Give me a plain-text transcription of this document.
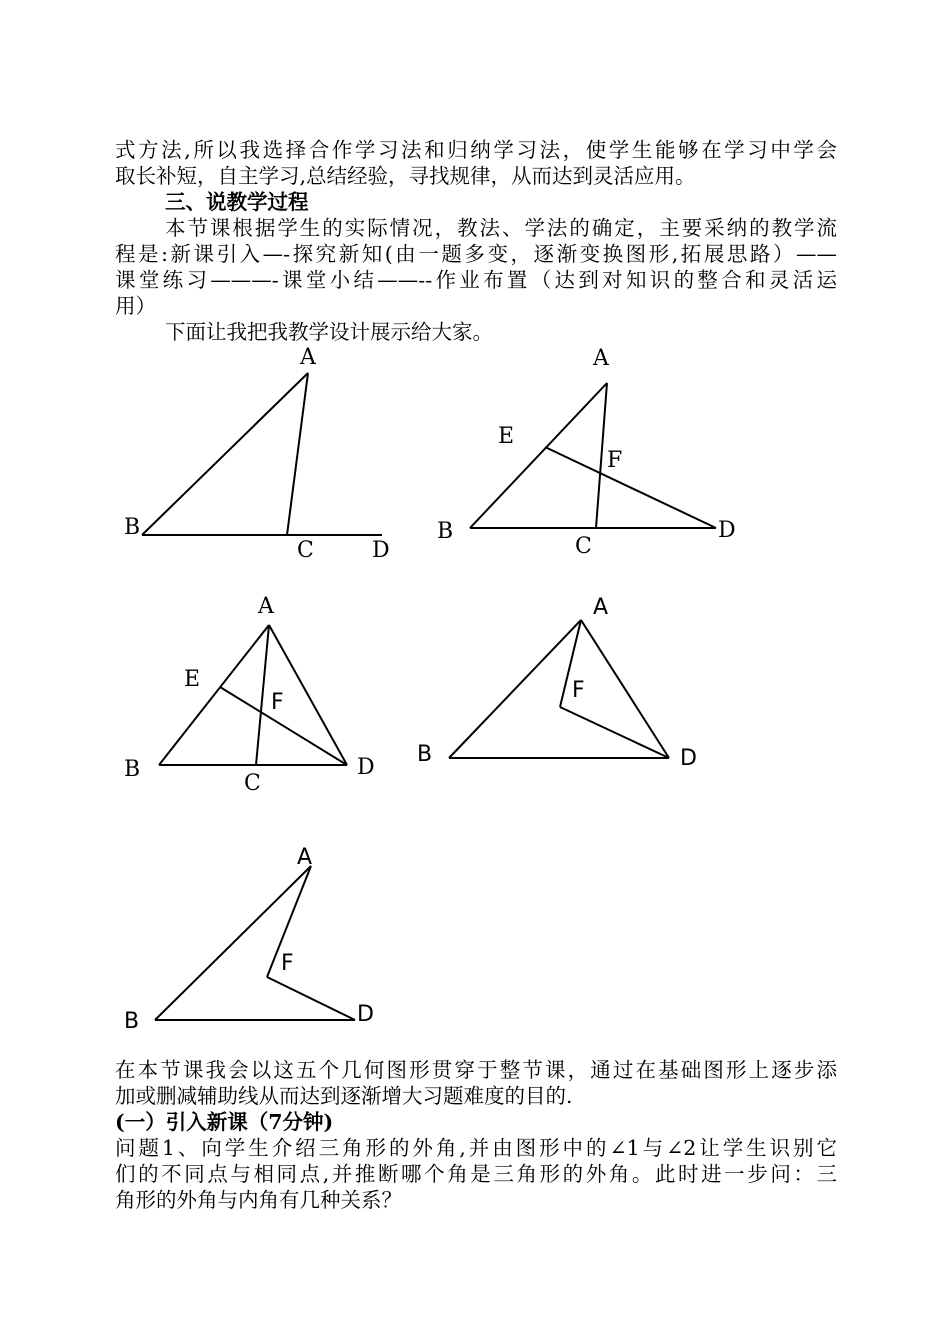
式方法,所以我选择合作学习法和归纳学习法，使学生能够在学习中学会
取长补短，自主学习,总结经验，寻找规律，从而达到灵活应用。
三、说教学过程
本节课根据学生的实际情况，教法、学法的确定，主要采纳的教学流
程是:新课引入—-探究新知(由一题多变，逐渐变换图形,拓展思路）——
课堂练习———-课堂小结——-‑作业布置（达到对知识的整合和灵活运
用）
下面让我把我教学设计展示给大家。
A
B
C	D
A
B
C
D
E
F
A
B
C
D
E
F
A
B	D
F
A
B	D
F
在本节课我会以这五个几何图形贯穿于整节课，通过在基础图形上逐步添
加或删减辅助线从而达到逐渐增大习题难度的目的.
(一）引入新课（7分钟)
问题1、向学生介绍三角形的外角,并由图形中的∠1与∠2让学生识别它
们的不同点与相同点,并推断哪个角是三角形的外角。此时进一步问：三
角形的外角与内角有几种关系？
